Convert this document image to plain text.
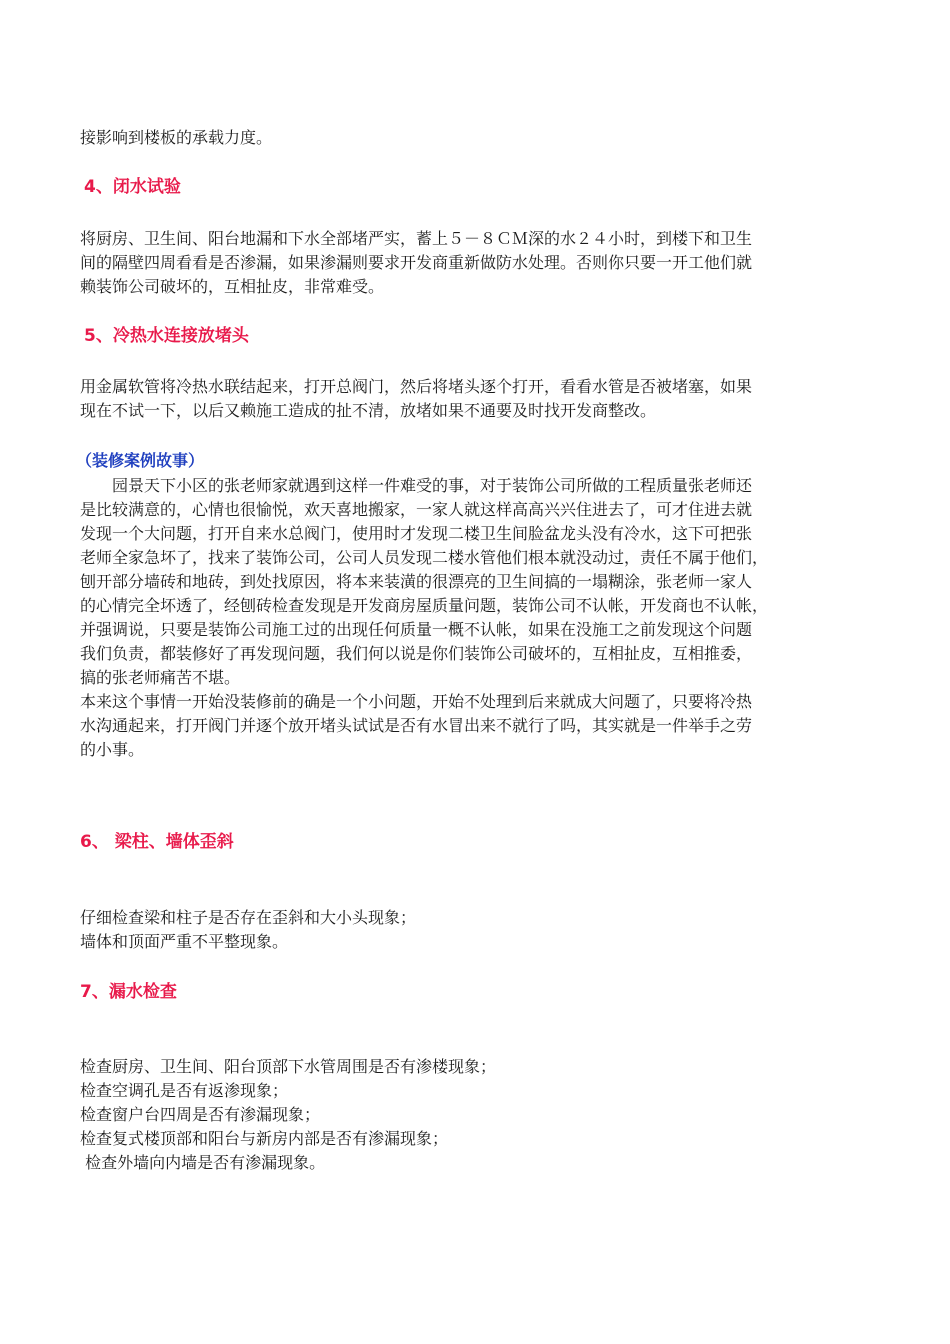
接影响到楼板的承载力度。

4、闭水试验

将厨房、卫生间、阳台地漏和下水全部堵严实，蓄上５－８ＣＭ深的水２４小时，到楼下和卫生
间的隔壁四周看看是否渗漏，如果渗漏则要求开发商重新做防水处理。否则你只要一开工他们就
赖装饰公司破坏的，互相扯皮，非常难受。

5、冷热水连接放堵头

用金属软管将冷热水联结起来，打开总阀门，然后将堵头逐个打开，看看水管是否被堵塞，如果
现在不试一下，以后又赖施工造成的扯不清，放堵如果不通要及时找开发商整改。

（装修案例故事）

　　园景天下小区的张老师家就遇到这样一件难受的事，对于装饰公司所做的工程质量张老师还
是比较满意的，心情也很愉悦，欢天喜地搬家，一家人就这样高高兴兴住进去了，可才住进去就
发现一个大问题，打开自来水总阀门，使用时才发现二楼卫生间脸盆龙头没有冷水，这下可把张
老师全家急坏了，找来了装饰公司，公司人员发现二楼水管他们根本就没动过，责任不属于他们，
刨开部分墙砖和地砖，到处找原因，将本来装潢的很漂亮的卫生间搞的一塌糊涂，张老师一家人
的心情完全坏透了，经刨砖检查发现是开发商房屋质量问题，装饰公司不认帐，开发商也不认帐，
并强调说，只要是装饰公司施工过的出现任何质量一概不认帐，如果在没施工之前发现这个问题
我们负责，都装修好了再发现问题，我们何以说是你们装饰公司破坏的，互相扯皮，互相推委，
搞的张老师痛苦不堪。
本来这个事情一开始没装修前的确是一个小问题，开始不处理到后来就成大问题了，只要将冷热
水沟通起来，打开阀门并逐个放开堵头试试是否有水冒出来不就行了吗，其实就是一件举手之劳
的小事。

6、 梁柱、墙体歪斜
仔细检查梁和柱子是否存在歪斜和大小头现象；
墙体和顶面严重不平整现象。
7、漏水检查
检查厨房、卫生间、阳台顶部下水管周围是否有渗楼现象；
检查空调孔是否有返渗现象；
检查窗户台四周是否有渗漏现象；
检查复式楼顶部和阳台与新房内部是否有渗漏现象；
检查外墙向内墙是否有渗漏现象。
